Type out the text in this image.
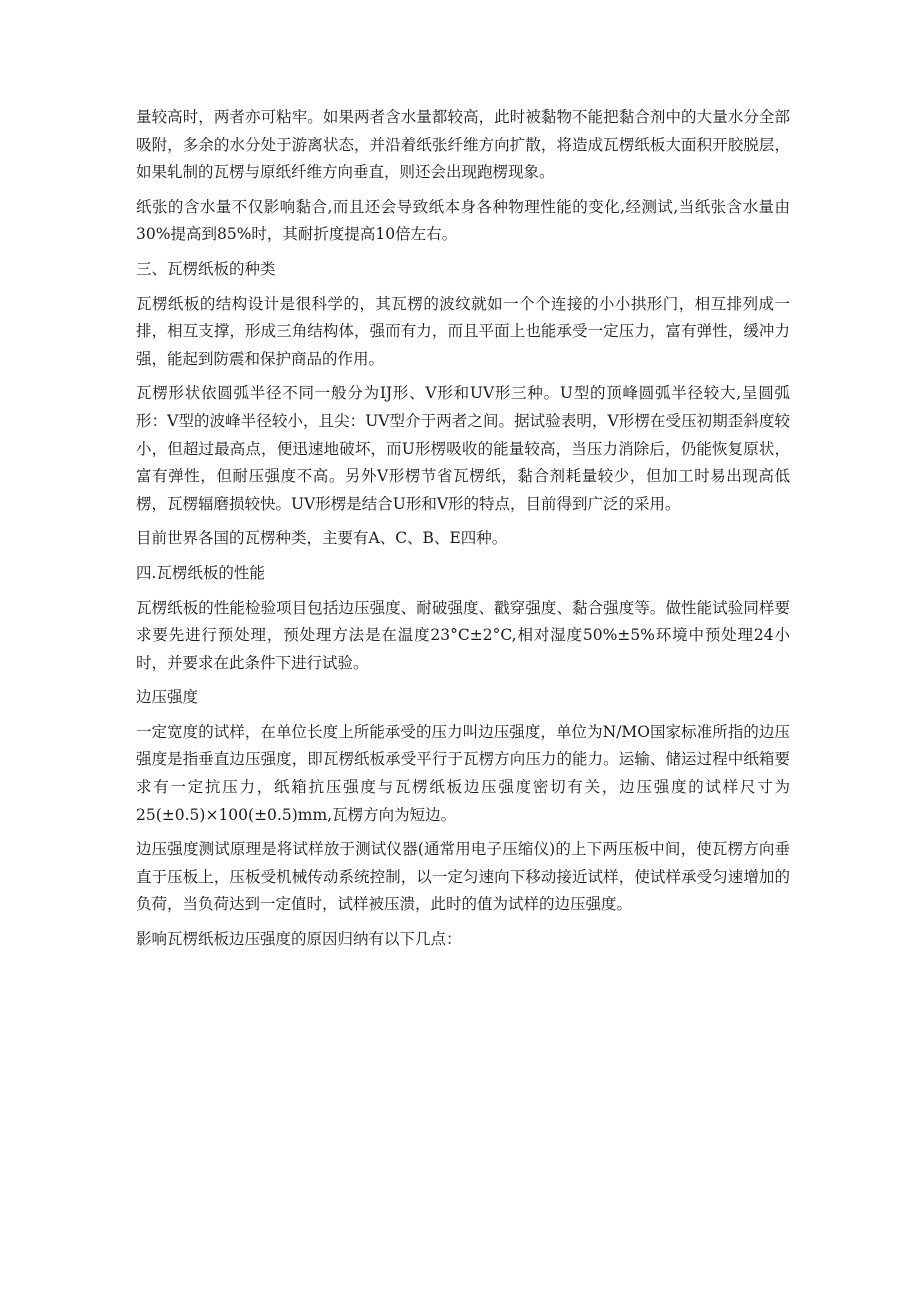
量较高时，两者亦可粘牢。如果两者含水量都较高，此时被黏物不能把黏合剂中的大量水分全部吸附，多余的水分处于游离状态，并沿着纸张纤维方向扩散，将造成瓦楞纸板大面积开胶脱层，如果轧制的瓦楞与原纸纤维方向垂直，则还会出现跑楞现象。

纸张的含水量不仅影响黏合,而且还会导致纸本身各种物理性能的变化,经测试,当纸张含水量由30%提高到85%时，其耐折度提高10倍左右。

三、瓦楞纸板的种类

瓦楞纸板的结构设计是很科学的，其瓦楞的波纹就如一个个连接的小小拱形门，相互排列成一排，相互支撑，形成三角结构体，强而有力，而且平面上也能承受一定压力，富有弹性，缓冲力强，能起到防震和保护商品的作用。

瓦楞形状依圆弧半径不同一般分为IJ形、V形和UV形三种。U型的顶峰圆弧半径较大,呈圆弧形：V型的波峰半径较小，且尖：UV型介于两者之间。据试验表明，V形楞在受压初期歪斜度较小，但超过最高点，便迅速地破坏，而U形楞吸收的能量较高，当压力消除后，仍能恢复原状，富有弹性，但耐压强度不高。另外V形楞节省瓦楞纸，黏合剂耗量较少，但加工时易出现高低楞，瓦楞辐磨损较快。UV形楞是结合U形和V形的特点，目前得到广泛的采用。

目前世界各国的瓦楞种类，主要有A、C、B、E四种。

四.瓦楞纸板的性能

瓦楞纸板的性能检验项目包括边压强度、耐破强度、戳穿强度、黏合强度等。做性能试验同样要求要先进行预处理，预处理方法是在温度23°C±2°C,相对湿度50%±5%环境中预处理24小时，并要求在此条件下进行试验。

边压强度

一定宽度的试样，在单位长度上所能承受的压力叫边压强度，单位为N/MO国家标准所指的边压强度是指垂直边压强度，即瓦楞纸板承受平行于瓦楞方向压力的能力。运输、储运过程中纸箱要求有一定抗压力，纸箱抗压强度与瓦楞纸板边压强度密切有关，边压强度的试样尺寸为25(±0.5)×100(±0.5)mm,瓦楞方向为短边。

边压强度测试原理是将试样放于测试仪器(通常用电子压缩仪)的上下两压板中间，使瓦楞方向垂直于压板上，压板受机械传动系统控制，以一定匀速向下移动接近试样，使试样承受匀速增加的负荷，当负荷达到一定值时，试样被压溃，此时的值为试样的边压强度。

影响瓦楞纸板边压强度的原因归纳有以下几点：
